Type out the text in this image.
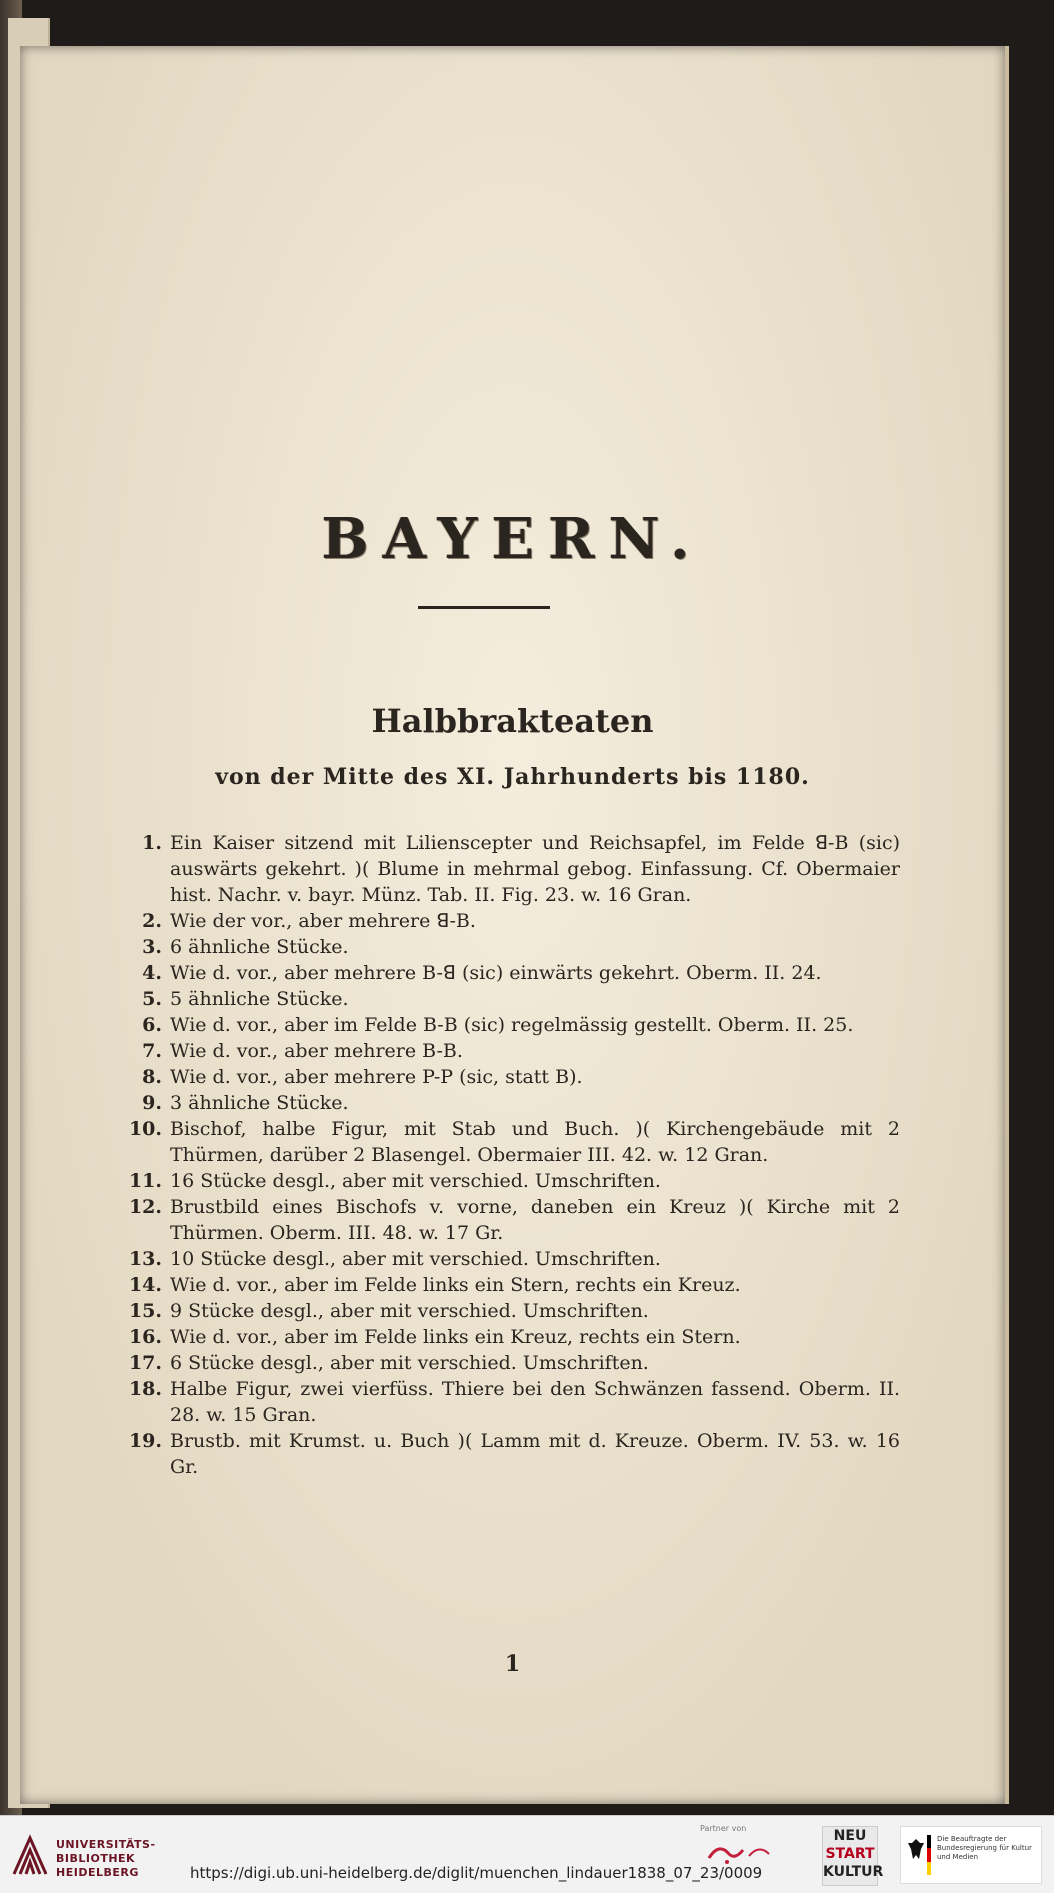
BAYERN.
Halbbrakteaten
von der Mitte des XI. Jahrhunderts bis 1180.
1. Ein Kaiser sitzend mit Lilienscepter und Reichsapfel, im Felde ꓭ-B (sic) auswärts gekehrt. )( Blume in mehrmal gebog. Einfassung. Cf. Obermaier hist. Nachr. v. bayr. Münz. Tab. II. Fig. 23. w. 16 Gran.
2. Wie der vor., aber mehrere ꓭ-B.
3. 6 ähnliche Stücke.
4. Wie d. vor., aber mehrere B-ꓭ (sic) einwärts gekehrt. Oberm. II. 24.
5. 5 ähnliche Stücke.
6. Wie d. vor., aber im Felde B-B (sic) regelmässig gestellt. Oberm. II. 25.
7. Wie d. vor., aber mehrere B-B.
8. Wie d. vor., aber mehrere P-P (sic, statt B).
9. 3 ähnliche Stücke.
10. Bischof, halbe Figur, mit Stab und Buch. )( Kirchengebäude mit 2 Thürmen, darüber 2 Blasengel. Obermaier III. 42. w. 12 Gran.
11. 16 Stücke desgl., aber mit verschied. Umschriften.
12. Brustbild eines Bischofs v. vorne, daneben ein Kreuz )( Kirche mit 2 Thürmen. Oberm. III. 48. w. 17 Gr.
13. 10 Stücke desgl., aber mit verschied. Umschriften.
14. Wie d. vor., aber im Felde links ein Stern, rechts ein Kreuz.
15. 9 Stücke desgl., aber mit verschied. Umschriften.
16. Wie d. vor., aber im Felde links ein Kreuz, rechts ein Stern.
17. 6 Stücke desgl., aber mit verschied. Umschriften.
18. Halbe Figur, zwei vierfüss. Thiere bei den Schwänzen fassend. Oberm. II. 28. w. 15 Gran.
19. Brustb. mit Krumst. u. Buch )( Lamm mit d. Kreuze. Oberm. IV. 53. w. 16 Gr.
1
UNIVERSITÄTS-
BIBLIOTHEK
HEIDELBERG
Partner von	NEU
START
KULTUR
Die Beauftragte der Bundesregierung für Kultur und Medien
https://digi.ub.uni-heidelberg.de/diglit/muenchen_lindauer1838_07_23/0009
